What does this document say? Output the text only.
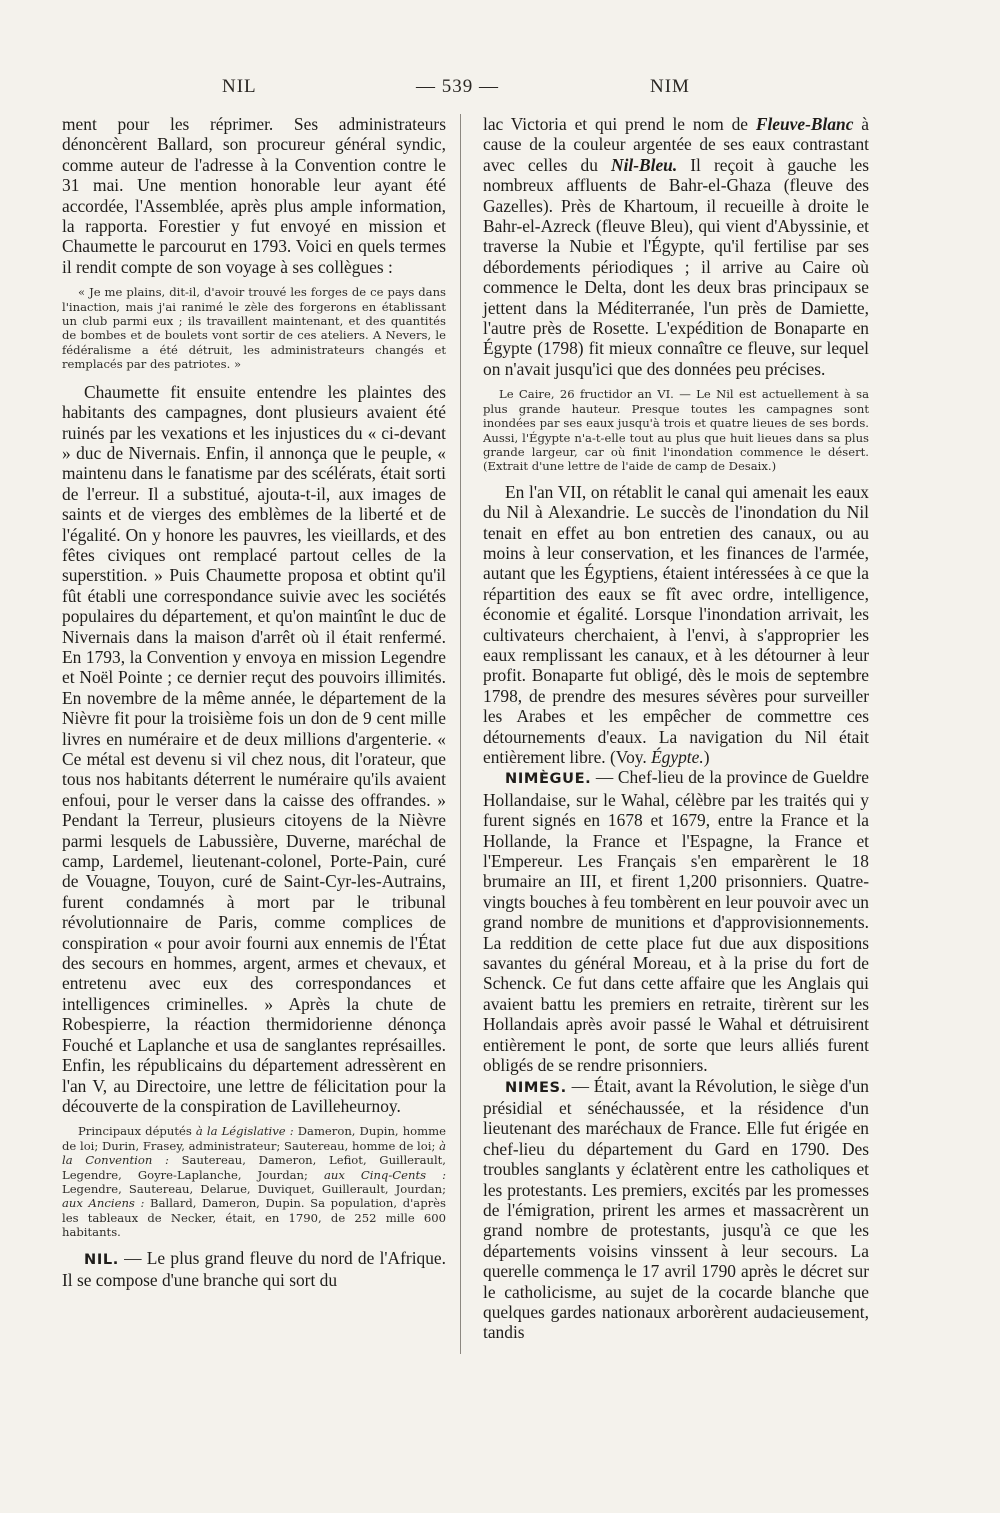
NIL	— 539 —	NIM

ment pour les réprimer. Ses administrateurs dénoncèrent Ballard, son procureur général syndic, comme auteur de l'adresse à la Convention contre le 31 mai. Une mention honorable leur ayant été accordée, l'Assemblée, après plus ample information, la rapporta. Forestier y fut envoyé en mission et Chaumette le parcourut en 1793. Voici en quels termes il rendit compte de son voyage à ses collègues :

« Je me plains, dit-il, d'avoir trouvé les forges de ce pays dans l'inaction, mais j'ai ranimé le zèle des forgerons en établissant un club parmi eux ; ils travaillent maintenant, et des quantités de bombes et de boulets vont sortir de ces ateliers. A Nevers, le fédéralisme a été détruit, les administrateurs changés et remplacés par des patriotes. »

Chaumette fit ensuite entendre les plaintes des habitants des campagnes, dont plusieurs avaient été ruinés par les vexations et les injustices du « ci-devant » duc de Nivernais. Enfin, il annonça que le peuple, « maintenu dans le fanatisme par des scélérats, était sorti de l'erreur. Il a substitué, ajouta-t-il, aux images de saints et de vierges des emblèmes de la liberté et de l'égalité. On y honore les pauvres, les vieillards, et des fêtes civiques ont remplacé partout celles de la superstition. » Puis Chaumette proposa et obtint qu'il fût établi une correspondance suivie avec les sociétés populaires du département, et qu'on maintînt le duc de Nivernais dans la maison d'arrêt où il était renfermé. En 1793, la Convention y envoya en mission Legendre et Noël Pointe ; ce dernier reçut des pouvoirs illimités. En novembre de la même année, le département de la Nièvre fit pour la troisième fois un don de 9 cent mille livres en numéraire et de deux millions d'argenterie. « Ce métal est devenu si vil chez nous, dit l'orateur, que tous nos habitants déterrent le numéraire qu'ils avaient enfoui, pour le verser dans la caisse des offrandes. » Pendant la Terreur, plusieurs citoyens de la Nièvre parmi lesquels de Labussière, Duverne, maréchal de camp, Lardemel, lieutenant-colonel, Porte-Pain, curé de Vouagne, Touyon, curé de Saint-Cyr-les-Autrains, furent condamnés à mort par le tribunal révolutionnaire de Paris, comme complices de conspiration « pour avoir fourni aux ennemis de l'État des secours en hommes, argent, armes et chevaux, et entretenu avec eux des correspondances et intelligences criminelles. » Après la chute de Robespierre, la réaction thermidorienne dénonça Fouché et Laplanche et usa de sanglantes représailles. Enfin, les républicains du département adressèrent en l'an V, au Directoire, une lettre de félicitation pour la découverte de la conspiration de Lavilleheurnoy.

Principaux députés à la Législative : Dameron, Dupin, homme de loi; Durin, Frasey, administrateur; Sautereau, homme de loi; à la Convention : Sautereau, Dameron, Lefiot, Guillerault, Legendre, Goyre-Laplanche, Jourdan; aux Cinq-Cents : Legendre, Sautereau, Delarue, Duviquet, Guillerault, Jourdan; aux Anciens : Ballard, Dameron, Dupin. Sa population, d'après les tableaux de Necker, était, en 1790, de 252 mille 600 habitants.

NIL. — Le plus grand fleuve du nord de l'Afrique. Il se compose d'une branche qui sort du

lac Victoria et qui prend le nom de Fleuve-Blanc à cause de la couleur argentée de ses eaux contrastant avec celles du Nil-Bleu. Il reçoit à gauche les nombreux affluents de Bahr-el-Ghaza (fleuve des Gazelles). Près de Khartoum, il recueille à droite le Bahr-el-Azreck (fleuve Bleu), qui vient d'Abyssinie, et traverse la Nubie et l'Égypte, qu'il fertilise par ses débordements périodiques ; il arrive au Caire où commence le Delta, dont les deux bras principaux se jettent dans la Méditerranée, l'un près de Damiette, l'autre près de Rosette. L'expédition de Bonaparte en Égypte (1798) fit mieux connaître ce fleuve, sur lequel on n'avait jusqu'ici que des données peu précises.

Le Caire, 26 fructidor an VI. — Le Nil est actuellement à sa plus grande hauteur. Presque toutes les campagnes sont inondées par ses eaux jusqu'à trois et quatre lieues de ses bords. Aussi, l'Égypte n'a-t-elle tout au plus que huit lieues dans sa plus grande largeur, car où finit l'inondation commence le désert. (Extrait d'une lettre de l'aide de camp de Desaix.)

En l'an VII, on rétablit le canal qui amenait les eaux du Nil à Alexandrie. Le succès de l'inondation du Nil tenait en effet au bon entretien des canaux, ou au moins à leur conservation, et les finances de l'armée, autant que les Égyptiens, étaient intéressées à ce que la répartition des eaux se fît avec ordre, intelligence, économie et égalité. Lorsque l'inondation arrivait, les cultivateurs cherchaient, à l'envi, à s'approprier les eaux remplissant les canaux, et à les détourner à leur profit. Bonaparte fut obligé, dès le mois de septembre 1798, de prendre des mesures sévères pour surveiller les Arabes et les empêcher de commettre ces détournements d'eaux. La navigation du Nil était entièrement libre. (Voy. Égypte.)

NIMÈGUE. — Chef-lieu de la province de Gueldre Hollandaise, sur le Wahal, célèbre par les traités qui y furent signés en 1678 et 1679, entre la France et la Hollande, la France et l'Espagne, la France et l'Empereur. Les Français s'en emparèrent le 18 brumaire an III, et firent 1,200 prisonniers. Quatre-vingts bouches à feu tombèrent en leur pouvoir avec un grand nombre de munitions et d'approvisionnements. La reddition de cette place fut due aux dispositions savantes du général Moreau, et à la prise du fort de Schenck. Ce fut dans cette affaire que les Anglais qui avaient battu les premiers en retraite, tirèrent sur les Hollandais après avoir passé le Wahal et détruisirent entièrement le pont, de sorte que leurs alliés furent obligés de se rendre prisonniers.

NIMES. — Était, avant la Révolution, le siège d'un présidial et sénéchaussée, et la résidence d'un lieutenant des maréchaux de France. Elle fut érigée en chef-lieu du département du Gard en 1790. Des troubles sanglants y éclatèrent entre les catholiques et les protestants. Les premiers, excités par les promesses de l'émigration, prirent les armes et massacrèrent un grand nombre de protestants, jusqu'à ce que les départements voisins vinssent à leur secours. La querelle commença le 17 avril 1790 après le décret sur le catholicisme, au sujet de la cocarde blanche que quelques gardes nationaux arborèrent audacieusement, tandis
